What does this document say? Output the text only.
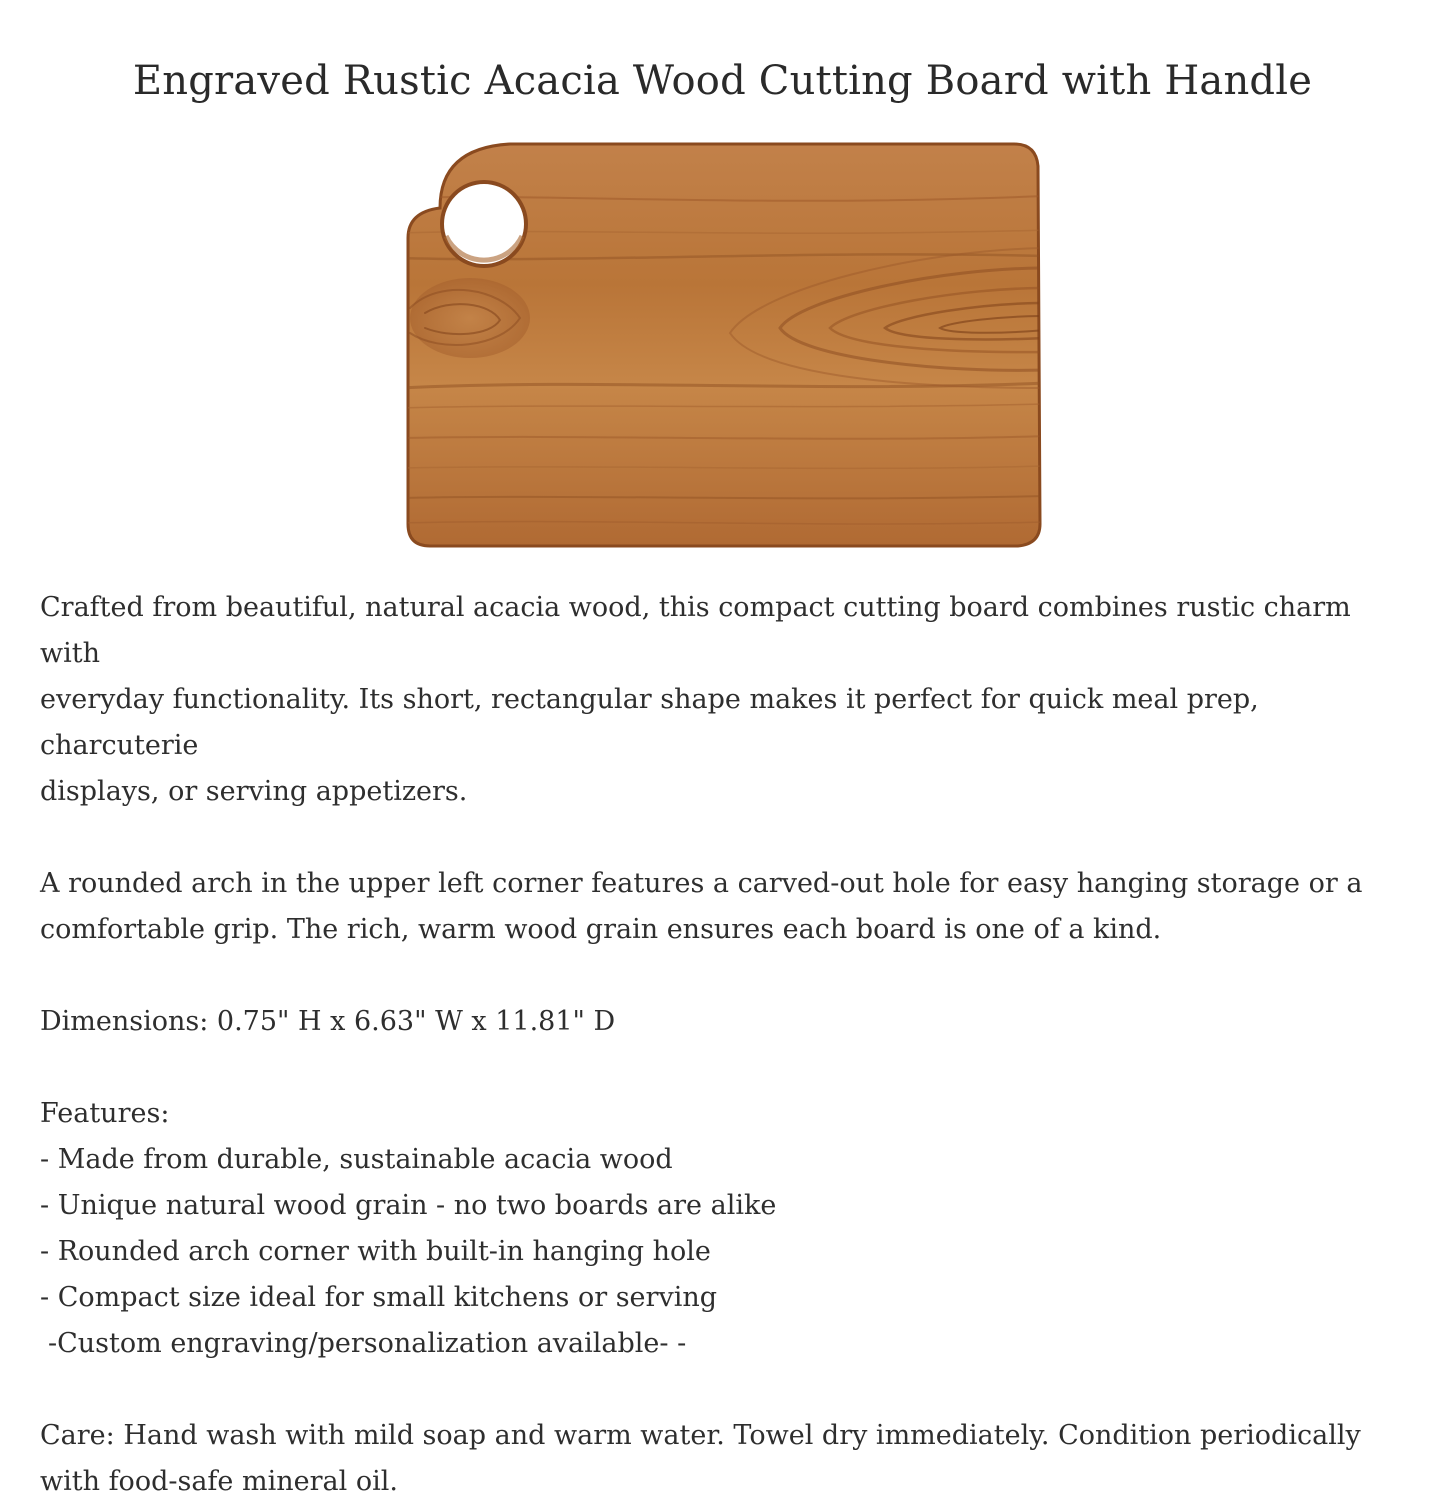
Engraved Rustic Acacia Wood Cutting Board with Handle

Crafted from beautiful, natural acacia wood, this compact cutting board combines rustic charm with

everyday functionality. Its short, rectangular shape makes it perfect for quick meal prep, charcuterie

displays, or serving appetizers.

A rounded arch in the upper left corner features a carved-out hole for easy hanging storage or a

comfortable grip. The rich, warm wood grain ensures each board is one of a kind.

Dimensions: 0.75" H x 6.63" W x 11.81" D

Features:

- Made from durable, sustainable acacia wood

- Unique natural wood grain - no two boards are alike

- Rounded arch corner with built-in hanging hole

- Compact size ideal for small kitchens or serving

-Custom engraving/personalization available- -

Care: Hand wash with mild soap and warm water. Towel dry immediately. Condition periodically

with food-safe mineral oil.
